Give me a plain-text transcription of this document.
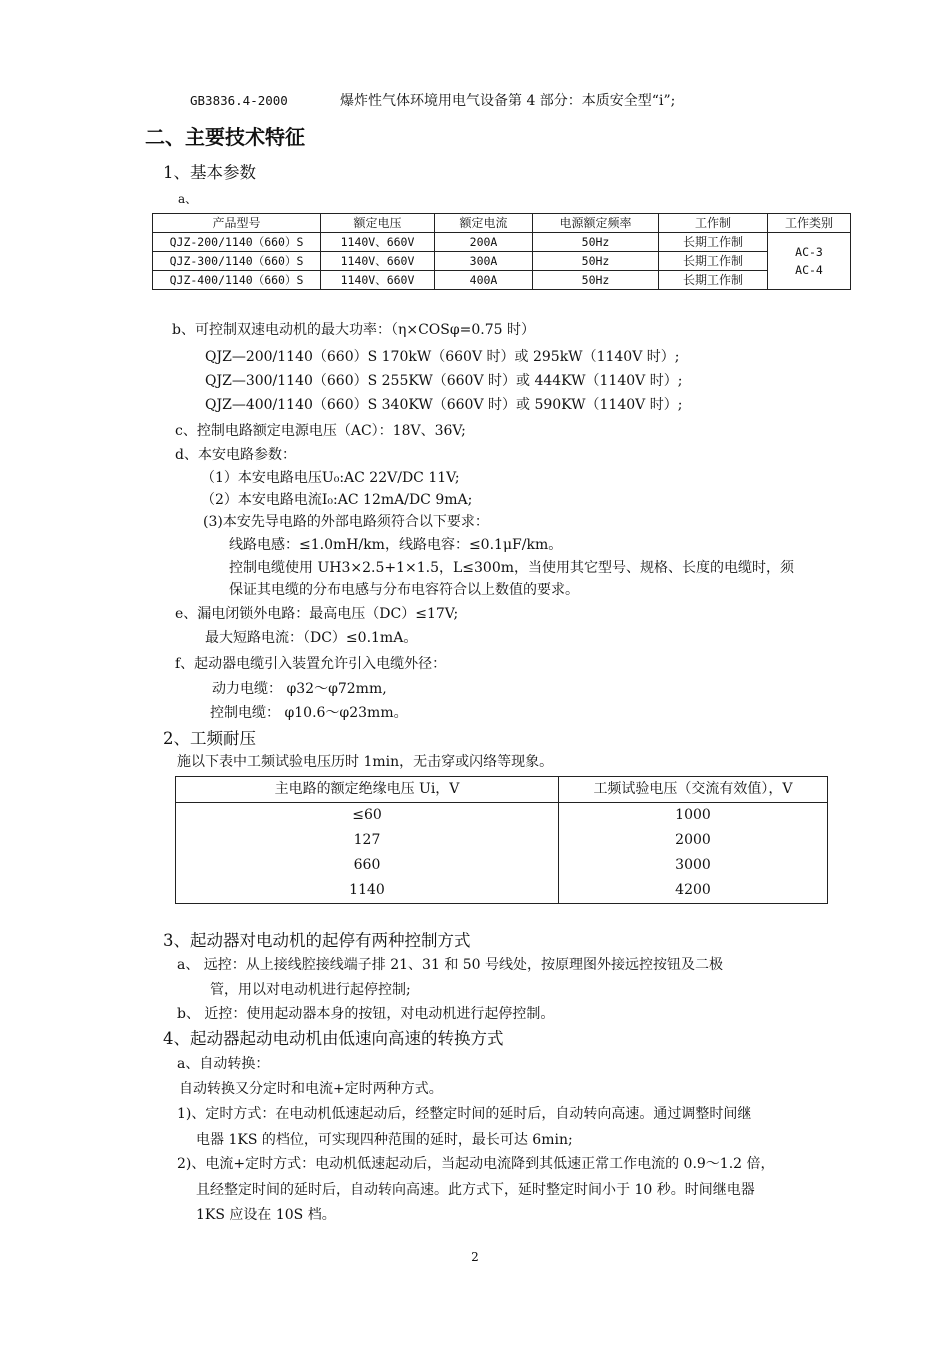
GB3836.4-2000	爆炸性气体环境用电气设备第 4 部分：本质安全型“i”;
二、主要技术特征
1、基本参数
a、
产品型号	额定电压	额定电流	电源额定频率	工作制	工作类别
QJZ-200/1140（660）S	1140V、660V	200A	50Hz	长期工作制	AC-3
AC-4

QJZ-300/1140（660）S	1140V、660V	300A	50Hz	长期工作制	
QJZ-400/1140（660）S	1140V、660V	400A	50Hz	长期工作制	
b、可控制双速电动机的最大功率：（η×COSφ=0.75 时）
QJZ—200/1140（660）S 170kW（660V 时）或 295kW（1140V 时）;
QJZ—300/1140（660）S 255KW（660V 时）或 444KW（1140V 时）;
QJZ—400/1140（660）S 340KW（660V 时）或 590KW（1140V 时）;
c、控制电路额定电源电压（AC）：18V、36V;
d、本安电路参数：
（1）本安电路电压U₀:AC 22V/DC 11V;
（2）本安电路电流I₀:AC 12mA/DC 9mA;
(3)本安先导电路的外部电路须符合以下要求：
线路电感：≤1.0mH/km，线路电容：≤0.1μF/km。
控制电缆使用 UH3×2.5+1×1.5，L≤300m，当使用其它型号、规格、长度的电缆时，须
保证其电缆的分布电感与分布电容符合以上数值的要求。
e、漏电闭锁外电路：最高电压（DC）≤17V;
最大短路电流：（DC）≤0.1mA。
f、起动器电缆引入装置允许引入电缆外径：
动力电缆： φ32～φ72mm,
控制电缆： φ10.6～φ23mm。
2、工频耐压
施以下表中工频试验电压历时 1min，无击穿或闪络等现象。
主电路的额定绝缘电压 Ui，V	工频试验电压（交流有效值），V
≤60	1000
127	2000
660	3000
1140	4200
3、起动器对电动机的起停有两种控制方式
a、 远控：从上接线腔接线端子排 21、31 和 50 号线处，按原理图外接远控按钮及二极
管，用以对电动机进行起停控制;
b、 近控：使用起动器本身的按钮，对电动机进行起停控制。
4、起动器起动电动机由低速向高速的转换方式
a、自动转换：
自动转换又分定时和电流+定时两种方式。
1)、定时方式：在电动机低速起动后，经整定时间的延时后，自动转向高速。通过调整时间继
电器 1KS 的档位，可实现四种范围的延时，最长可达 6min;
2)、电流+定时方式：电动机低速起动后，当起动电流降到其低速正常工作电流的 0.9～1.2 倍，
且经整定时间的延时后，自动转向高速。此方式下，延时整定时间小于 10 秒。时间继电器
1KS 应设在 10S 档。
2
